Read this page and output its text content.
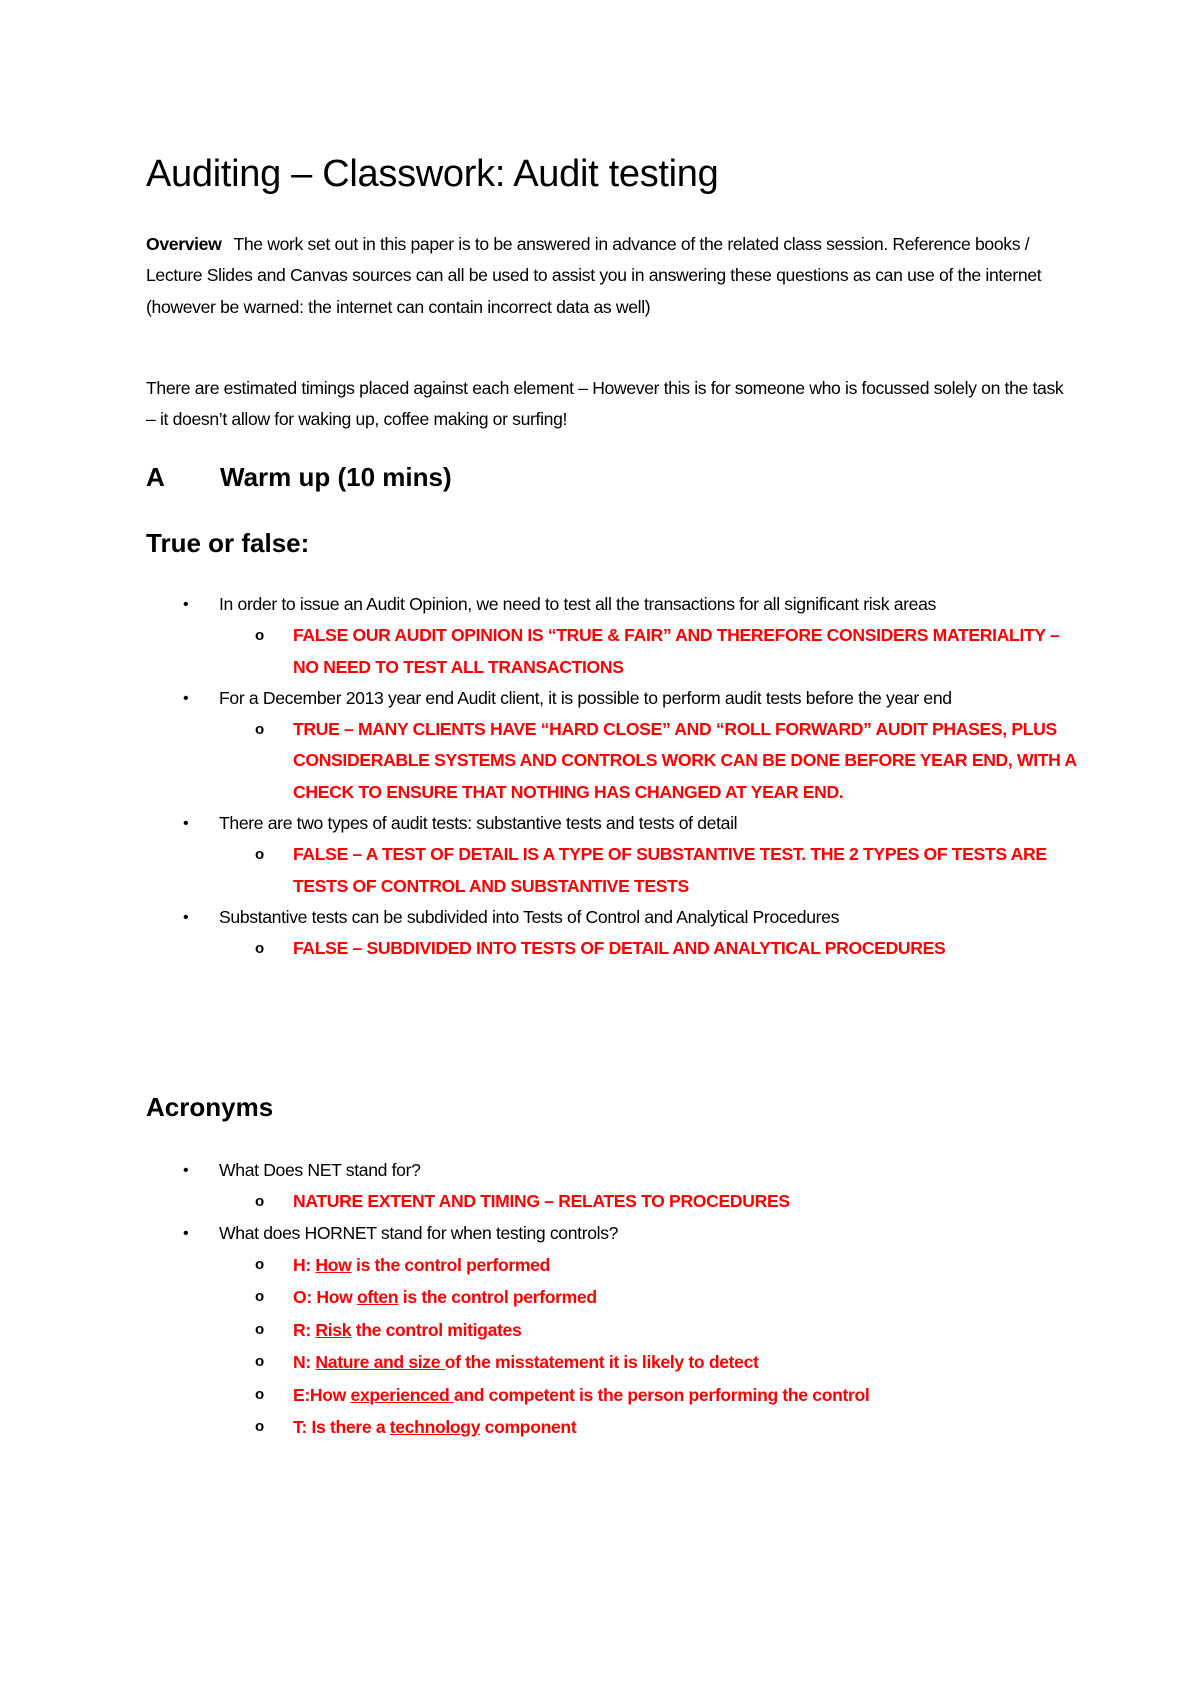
Auditing – Classwork: Audit testing

Overview The work set out in this paper is to be answered in advance of the related class session. Reference books / Lecture Slides and Canvas sources can all be used to assist you in answering these questions as can use of the internet (however be warned: the internet can contain incorrect data as well)

There are estimated timings placed against each element – However this is for someone who is focussed solely on the task – it doesn’t allow for waking up, coffee making or surfing!

A Warm up (10 mins)
True or false:
• In order to issue an Audit Opinion, we need to test all the transactions for all significant risk areas
o FALSE OUR AUDIT OPINION IS “TRUE & FAIR” AND THEREFORE CONSIDERS MATERIALITY – NO NEED TO TEST ALL TRANSACTIONS
• For a December 2013 year end Audit client, it is possible to perform audit tests before the year end
o TRUE – MANY CLIENTS HAVE “HARD CLOSE” AND “ROLL FORWARD” AUDIT PHASES, PLUS CONSIDERABLE SYSTEMS AND CONTROLS WORK CAN BE DONE BEFORE YEAR END, WITH A CHECK TO ENSURE THAT NOTHING HAS CHANGED AT YEAR END.
• There are two types of audit tests: substantive tests and tests of detail
o FALSE – A TEST OF DETAIL IS A TYPE OF SUBSTANTIVE TEST. THE 2 TYPES OF TESTS ARE TESTS OF CONTROL AND SUBSTANTIVE TESTS
• Substantive tests can be subdivided into Tests of Control and Analytical Procedures
o FALSE – SUBDIVIDED INTO TESTS OF DETAIL AND ANALYTICAL PROCEDURES
Acronyms
• What Does NET stand for?
o NATURE EXTENT AND TIMING – RELATES TO PROCEDURES
• What does HORNET stand for when testing controls?
o H: How is the control performed
o O: How often is the control performed
o R: Risk the control mitigates
o N: Nature and size of the misstatement it is likely to detect
o E:How experienced and competent is the person performing the control
o T: Is there a technology component
